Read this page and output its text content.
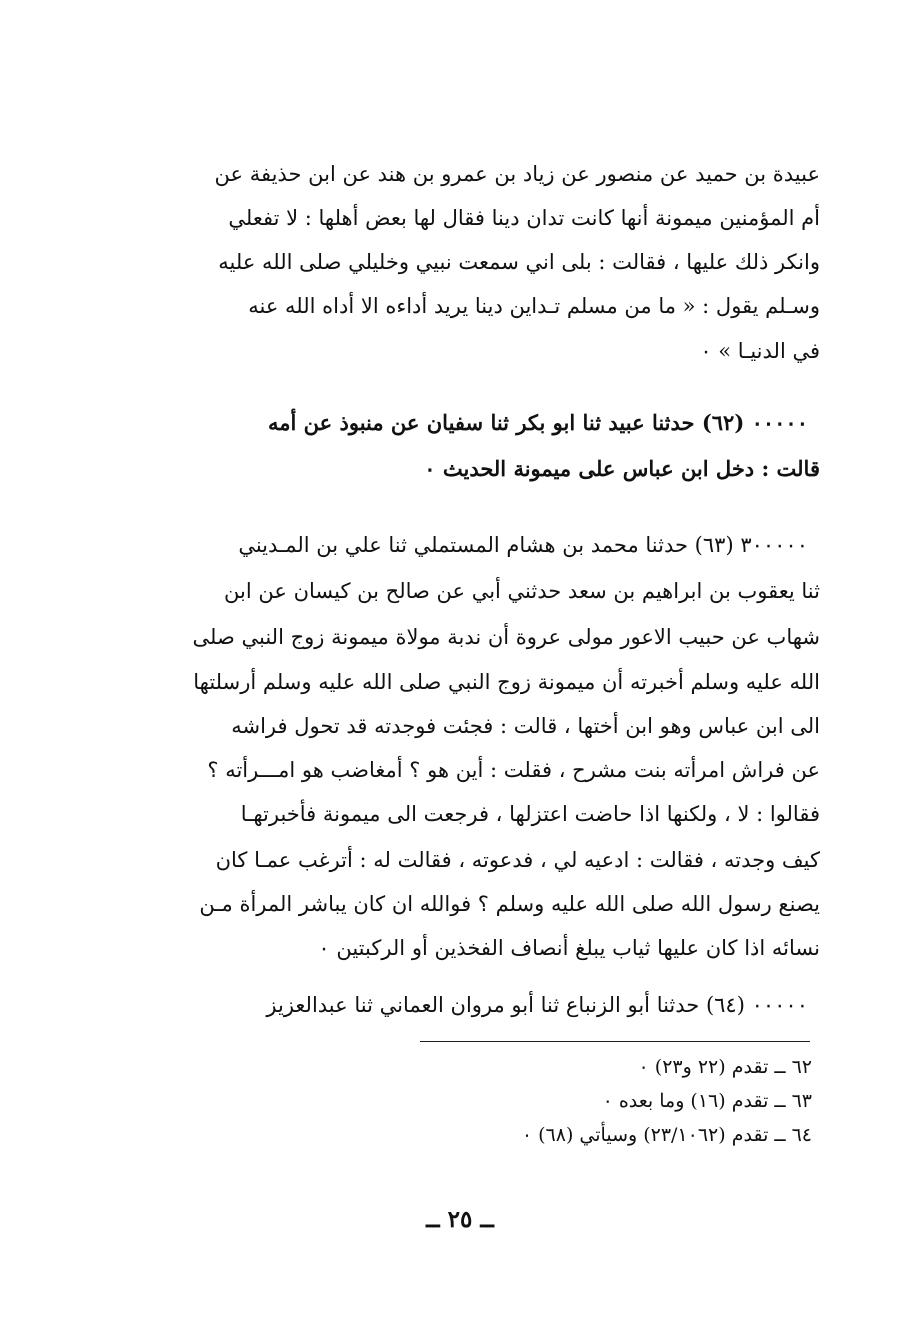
عبيدة بن حميد عن منصور عن زياد بن عمرو بن هند عن ابن حذيفة عن
أم المؤمنين ميمونة أنها كانت تدان دينا فقال لها بعض أهلها : لا تفعلي
وانكر ذلك عليها ، فقالت : بلى اني سمعت نبيي وخليلي صلى الله عليه
وسـلم يقول : « ما من مسلم تـداين دينا يريد أداءه الا أداه الله عنه
في الدنيـا » ٠
٠٠٠٠٠ (٦٢) حدثنا عبيد ثنا ابو بكر ثنا سفيان عن منبوذ عن أمه
قالت : دخل ابن عباس على ميمونة الحديث ٠
٣٠٠٠٠٠ (٦٣) حدثنا محمد بن هشام المستملي ثنا علي بن المـديني
ثنا يعقوب بن ابراهيم بن سعد حدثني أبي عن صالح بن كيسان عن ابن
شهاب عن حبيب الاعور مولى عروة أن ندبة مولاة ميمونة زوج النبي صلى
الله عليه وسلم أخبرته أن ميمونة زوج النبي صلى الله عليه وسلم أرسلتها
الى ابن عباس وهو ابن أختها ، قالت : فجئت فوجدته قد تحول فراشه
عن فراش امرأته بنت مشرح ، فقلت : أين هو ؟ أمغاضب هو امـــرأته ؟
فقالوا : لا ، ولكنها اذا حاضت اعتزلها ، فرجعت الى ميمونة فأخبرتهـا
كيف وجدته ، فقالت : ادعيه لي ، فدعوته ، فقالت له : أترغب عمـا كان
يصنع رسول الله صلى الله عليه وسلم ؟ فوالله ان كان يباشر المرأة مـن
نسائه اذا كان عليها ثياب يبلغ أنصاف الفخذين أو الركبتين ٠
٠٠٠٠٠ (٦٤) حدثنا أبو الزنباع ثنا أبو مروان العماني ثنا عبدالعزيز
٦٢ ــ تقدم (٢٢ و٢٣) ٠
٦٣ ــ تقدم (١٦) وما بعده ٠
٦٤ ــ تقدم (٢٣/١٠٦٢) وسيأتي (٦٨) ٠
ــ ٢٥ ــ
